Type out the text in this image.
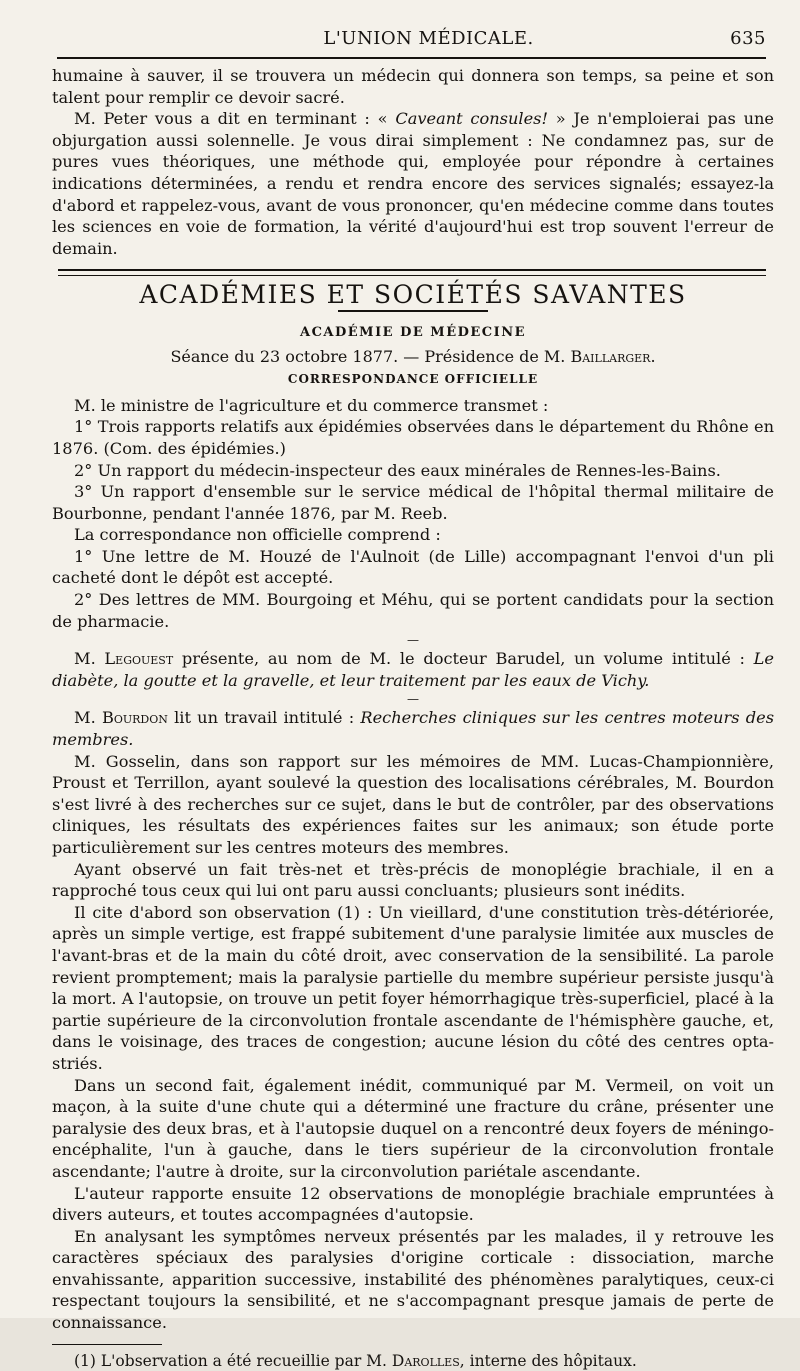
L'UNION MÉDICALE.	635

humaine à sauver, il se trouvera un médecin qui donnera son temps, sa peine et son talent pour remplir ce devoir sacré.

M. Peter vous a dit en terminant : « Caveant consules! » Je n'emploierai pas une objurgation aussi solennelle. Je vous dirai simplement : Ne condamnez pas, sur de pures vues théoriques, une méthode qui, employée pour répondre à certaines indications déterminées, a rendu et rendra encore des services signalés; essayez-la d'abord et rappelez-vous, avant de vous prononcer, qu'en médecine comme dans toutes les sciences en voie de formation, la vérité d'aujourd'hui est trop souvent l'erreur de demain.

ACADÉMIES ET SOCIÉTÉS SAVANTES
ACADÉMIE DE MÉDECINE
Séance du 23 octobre 1877. — Présidence de M. Baillarger.
CORRESPONDANCE OFFICIELLE

M. le ministre de l'agriculture et du commerce transmet :

1° Trois rapports relatifs aux épidémies observées dans le département du Rhône en 1876. (Com. des épidémies.)

2° Un rapport du médecin-inspecteur des eaux minérales de Rennes-les-Bains.

3° Un rapport d'ensemble sur le service médical de l'hôpital thermal militaire de Bourbonne, pendant l'année 1876, par M. Reeb.

La correspondance non officielle comprend :

1° Une lettre de M. Houzé de l'Aulnoit (de Lille) accompagnant l'envoi d'un pli cacheté dont le dépôt est accepté.

2° Des lettres de MM. Bourgoing et Méhu, qui se portent candidats pour la section de pharmacie.

—

M. Legouest présente, au nom de M. le docteur Barudel, un volume intitulé : Le diabète, la goutte et la gravelle, et leur traitement par les eaux de Vichy.

—

M. Bourdon lit un travail intitulé : Recherches cliniques sur les centres moteurs des membres.

M. Gosselin, dans son rapport sur les mémoires de MM. Lucas-Championnière, Proust et Terrillon, ayant soulevé la question des localisations cérébrales, M. Bourdon s'est livré à des recherches sur ce sujet, dans le but de contrôler, par des observations cliniques, les résultats des expériences faites sur les animaux; son étude porte particulièrement sur les centres moteurs des membres.

Ayant observé un fait très-net et très-précis de monoplégie brachiale, il en a rapproché tous ceux qui lui ont paru aussi concluants; plusieurs sont inédits.

Il cite d'abord son observation (1) : Un vieillard, d'une constitution très-détériorée, après un simple vertige, est frappé subitement d'une paralysie limitée aux muscles de l'avant-bras et de la main du côté droit, avec conservation de la sensibilité. La parole revient promptement; mais la paralysie partielle du membre supérieur persiste jusqu'à la mort. A l'autopsie, on trouve un petit foyer hémorrhagique très-superficiel, placé à la partie supérieure de la circonvolution frontale ascendante de l'hémisphère gauche, et, dans le voisinage, des traces de congestion; aucune lésion du côté des centres opta-striés.

Dans un second fait, également inédit, communiqué par M. Vermeil, on voit un maçon, à la suite d'une chute qui a déterminé une fracture du crâne, présenter une paralysie des deux bras, et à l'autopsie duquel on a rencontré deux foyers de méningo-encéphalite, l'un à gauche, dans le tiers supérieur de la circonvolution frontale ascendante; l'autre à droite, sur la circonvolution pariétale ascendante.

L'auteur rapporte ensuite 12 observations de monoplégie brachiale empruntées à divers auteurs, et toutes accompagnées d'autopsie.

En analysant les symptômes nerveux présentés par les malades, il y retrouve les caractères spéciaux des paralysies d'origine corticale : dissociation, marche envahissante, apparition successive, instabilité des phénomènes paralytiques, ceux-ci respectant toujours la sensibilité, et ne s'accompagnant presque jamais de perte de connaissance.

(1) L'observation a été recueillie par M. Darolles, interne des hôpitaux.
